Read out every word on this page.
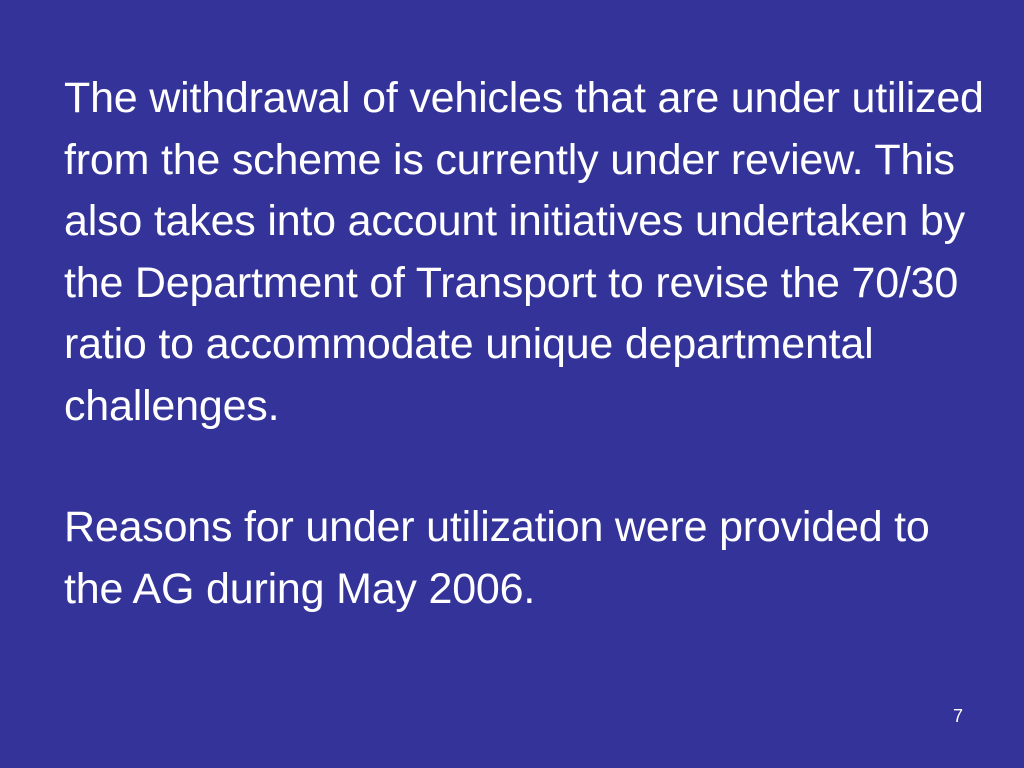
The withdrawal of vehicles that are under utilized from the scheme is currently under review. This also takes into account initiatives undertaken by the Department of Transport to revise the 70/30 ratio to accommodate unique departmental challenges.

Reasons for under utilization were provided to the AG during May 2006.

7
